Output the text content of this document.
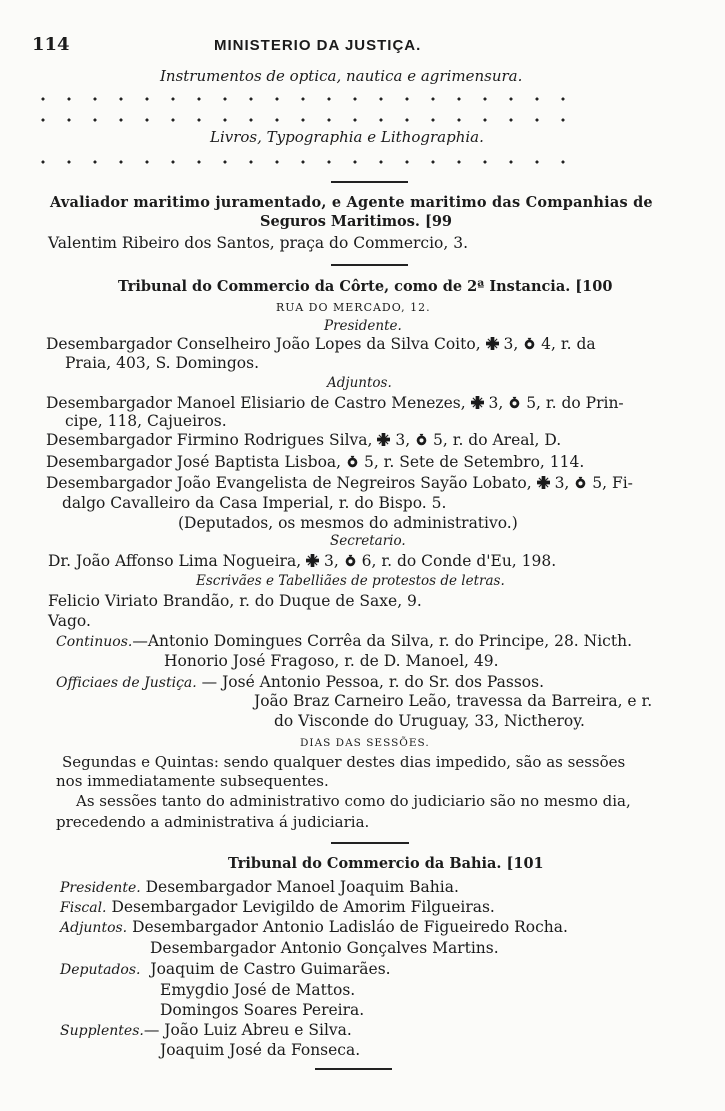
114	MINISTERIO DA JUSTIÇA.
Instrumentos de optica, nautica e agrimensura.
Livros, Typographia e Lithographia.
Avaliador maritimo juramentado, e Agente maritimo das Companhias de
Seguros Maritimos. [99
Valentim Ribeiro dos Santos, praça do Commercio, 3.
Tribunal do Commercio da Côrte, como de 2ª Instancia. [100
RUA DO MERCADO, 12.
Presidente.
Desembargador Conselheiro João Lopes da Silva Coito, 3, 4, r. da
Praia, 403, S. Domingos.
Adjuntos.
Desembargador Manoel Elisiario de Castro Menezes, 3, 5, r. do Prin-
cipe, 118, Cajueiros.
Desembargador Firmino Rodrigues Silva, 3, 5, r. do Areal, D.
Desembargador José Baptista Lisboa, 5, r. Sete de Setembro, 114.
Desembargador João Evangelista de Negreiros Sayão Lobato, 3, 5, Fi-
dalgo Cavalleiro da Casa Imperial, r. do Bispo. 5.
(Deputados, os mesmos do administrativo.)
Secretario.
Dr. João Affonso Lima Nogueira, 3, 6, r. do Conde d'Eu, 198.
Escrivães e Tabelliães de protestos de letras.
Felicio Viriato Brandão, r. do Duque de Saxe, 9.
Vago.
Continuos.—Antonio Domingues Corrêa da Silva, r. do Principe, 28. Nicth.
Honorio José Fragoso, r. de D. Manoel, 49.
Officiaes de Justiça. — José Antonio Pessoa, r. do Sr. dos Passos.
João Braz Carneiro Leão, travessa da Barreira, e r.
do Visconde do Uruguay, 33, Nictheroy.
DIAS DAS SESSÕES.
Segundas e Quintas: sendo qualquer destes dias impedido, são as sessões
nos immediatamente subsequentes.
As sessões tanto do administrativo como do judiciario são no mesmo dia,
precedendo a administrativa á judiciaria.
Tribunal do Commercio da Bahia. [101
Presidente. Desembargador Manoel Joaquim Bahia.
Fiscal. Desembargador Levigildo de Amorim Filgueiras.
Adjuntos. Desembargador Antonio Ladisláo de Figueiredo Rocha.
Desembargador Antonio Gonçalves Martins.
Deputados. Joaquim de Castro Guimarães.
Emygdio José de Mattos.
Domingos Soares Pereira.
Supplentes.— João Luiz Abreu e Silva.
Joaquim José da Fonseca.
